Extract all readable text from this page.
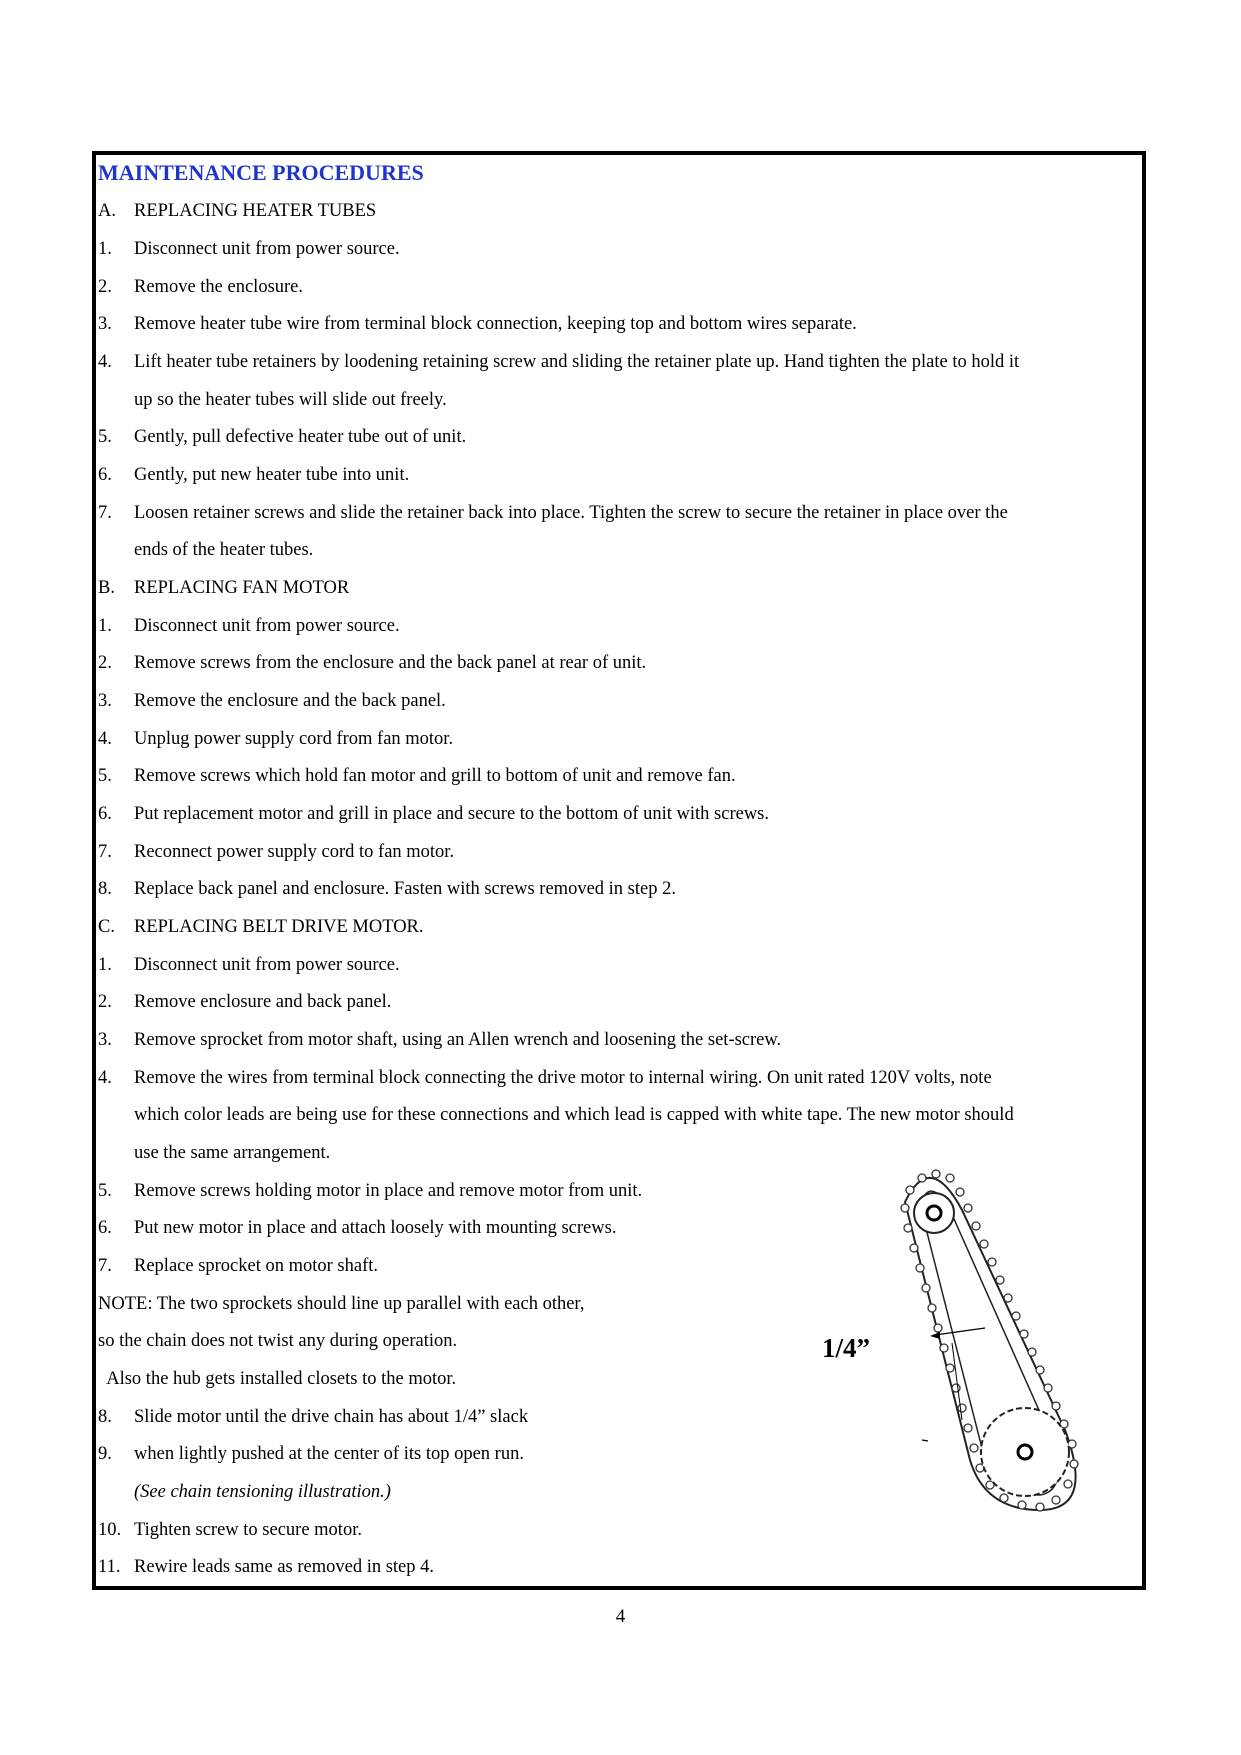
MAINTENANCE PROCEDURES
A. REPLACING HEATER TUBES
1. Disconnect unit from power source.
2. Remove the enclosure.
3. Remove heater tube wire from terminal block connection, keeping top and bottom wires separate.
4. Lift heater tube retainers by loodening retaining screw and sliding the retainer plate up. Hand tighten the plate to hold it
up so the heater tubes will slide out freely.
5. Gently, pull defective heater tube out of unit.
6. Gently, put new heater tube into unit.
7. Loosen retainer screws and slide the retainer back into place. Tighten the screw to secure the retainer in place over the
ends of the heater tubes.
B. REPLACING FAN MOTOR
1. Disconnect unit from power source.
2. Remove screws from the enclosure and the back panel at rear of unit.
3. Remove the enclosure and the back panel.
4. Unplug power supply cord from fan motor.
5. Remove screws which hold fan motor and grill to bottom of unit and remove fan.
6. Put replacement motor and grill in place and secure to the bottom of unit with screws.
7. Reconnect power supply cord to fan motor.
8. Replace back panel and enclosure. Fasten with screws removed in step 2.
C. REPLACING BELT DRIVE MOTOR.
1. Disconnect unit from power source.
2. Remove enclosure and back panel.
3. Remove sprocket from motor shaft, using an Allen wrench and loosening the set-screw.
4. Remove the wires from terminal block connecting the drive motor to internal wiring. On unit rated 120V volts, note
which color leads are being use for these connections and which lead is capped with white tape. The new motor should
use the same arrangement.
5. Remove screws holding motor in place and remove motor from unit.
6. Put new motor in place and attach loosely with mounting screws.
7. Replace sprocket on motor shaft.
NOTE: The two sprockets should line up parallel with each other,
so the chain does not twist any during operation.
Also the hub gets installed closets to the motor.
8. Slide motor until the drive chain has about 1/4” slack
9. when lightly pushed at the center of its top open run.
(See chain tensioning illustration.)
10. Tighten screw to secure motor.
11. Rewire leads same as removed in step 4.
1/4”
4
